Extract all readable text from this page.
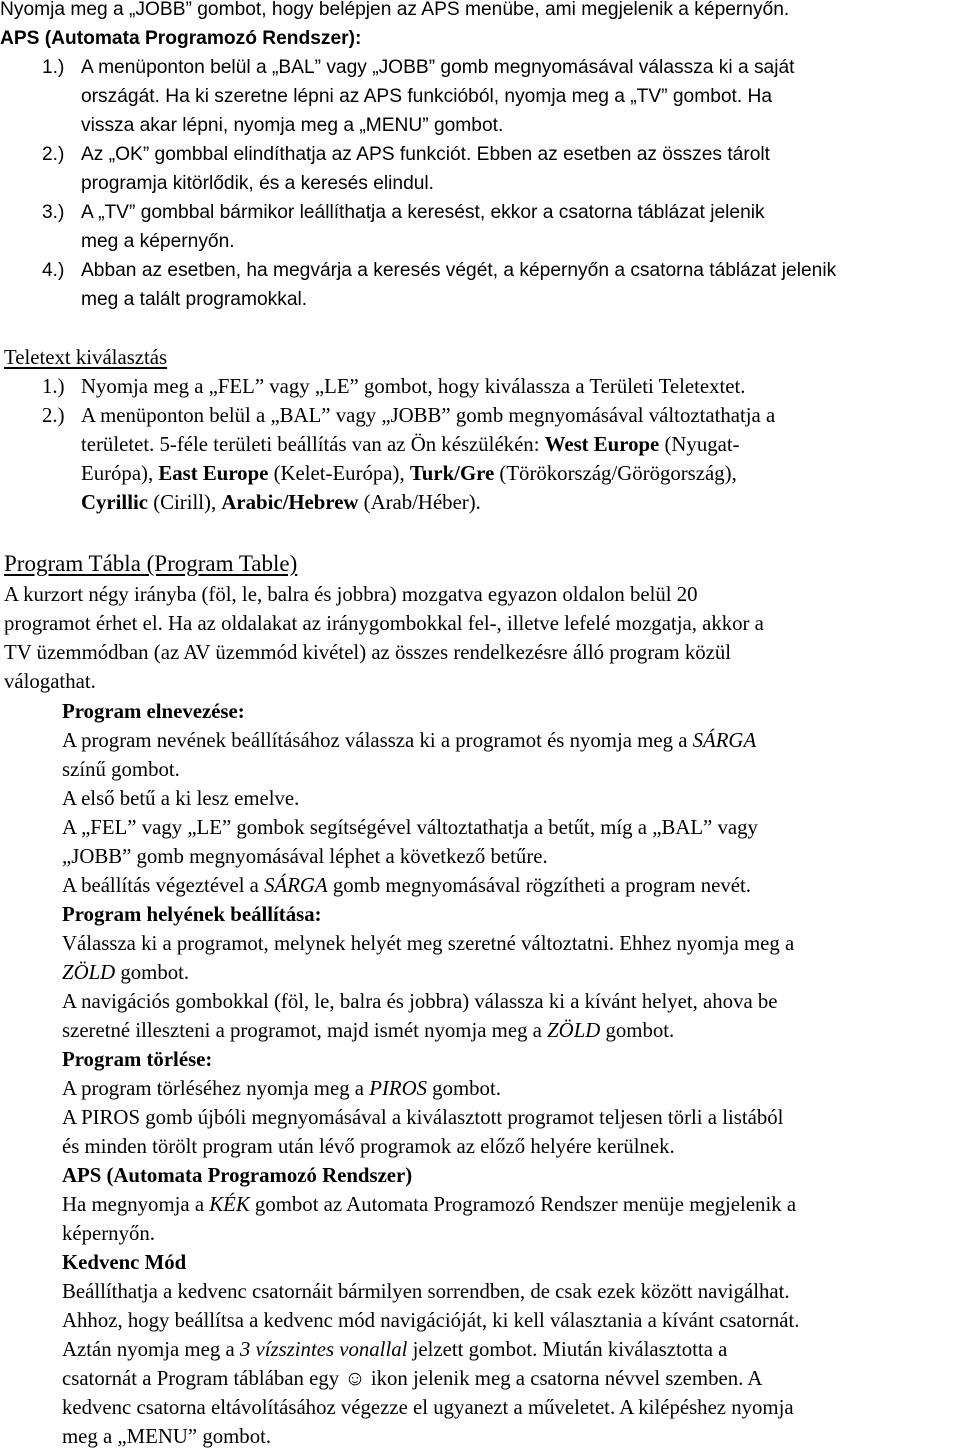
Nyomja meg a „JOBB” gombot, hogy belépjen az APS menübe, ami megjelenik a képernyőn.
APS (Automata Programozó Rendszer):
1.) A menüponton belül a „BAL” vagy „JOBB” gomb megnyomásával válassza ki a saját
országát. Ha ki szeretne lépni az APS funkcióból, nyomja meg a „TV” gombot. Ha
vissza akar lépni, nyomja meg a „MENU” gombot.
2.) Az „OK” gombbal elindíthatja az APS funkciót. Ebben az esetben az összes tárolt
programja kitörlődik, és a keresés elindul.
3.) A „TV” gombbal bármikor leállíthatja a keresést, ekkor a csatorna táblázat jelenik
meg a képernyőn.
4.) Abban az esetben, ha megvárja a keresés végét, a képernyőn a csatorna táblázat jelenik
meg a talált programokkal.
Teletext kiválasztás
1.) Nyomja meg a „FEL” vagy „LE” gombot, hogy kiválassza a Területi Teletextet.
2.) A menüponton belül a „BAL” vagy „JOBB” gomb megnyomásával változtathatja a
területet. 5-féle területi beállítás van az Ön készülékén: West Europe (Nyugat-
Európa), East Europe (Kelet-Európa), Turk/Gre (Törökország/Görögország),
Cyrillic (Cirill), Arabic/Hebrew (Arab/Héber).
Program Tábla (Program Table)
A kurzort négy irányba (föl, le, balra és jobbra) mozgatva egyazon oldalon belül 20
programot érhet el. Ha az oldalakat az iránygombokkal fel-, illetve lefelé mozgatja, akkor a
TV üzemmódban (az AV üzemmód kivétel) az összes rendelkezésre álló program közül
válogathat.
Program elnevezése:
A program nevének beállításához válassza ki a programot és nyomja meg a SÁRGA
színű gombot.
A első betű a ki lesz emelve.
A „FEL” vagy „LE” gombok segítségével változtathatja a betűt, míg a „BAL” vagy
„JOBB” gomb megnyomásával léphet a következő betűre.
A beállítás végeztével a SÁRGA gomb megnyomásával rögzítheti a program nevét.
Program helyének beállítása:
Válassza ki a programot, melynek helyét meg szeretné változtatni. Ehhez nyomja meg a
ZÖLD gombot.
A navigációs gombokkal (föl, le, balra és jobbra) válassza ki a kívánt helyet, ahova be
szeretné illeszteni a programot, majd ismét nyomja meg a ZÖLD gombot.
Program törlése:
A program törléséhez nyomja meg a PIROS gombot.
A PIROS gomb újbóli megnyomásával a kiválasztott programot teljesen törli a listából
és minden törölt program után lévő programok az előző helyére kerülnek.
APS (Automata Programozó Rendszer)
Ha megnyomja a KÉK gombot az Automata Programozó Rendszer menüje megjelenik a
képernyőn.
Kedvenc Mód
Beállíthatja a kedvenc csatornáit bármilyen sorrendben, de csak ezek között navigálhat.
Ahhoz, hogy beállítsa a kedvenc mód navigációját, ki kell választania a kívánt csatornát.
Aztán nyomja meg a 3 vízszintes vonallal jelzett gombot. Miután kiválasztotta a
csatornát a Program táblában egy ☺ ikon jelenik meg a csatorna névvel szemben. A
kedvenc csatorna eltávolításához végezze el ugyanezt a műveletet. A kilépéshez nyomja
meg a „MENU” gombot.
